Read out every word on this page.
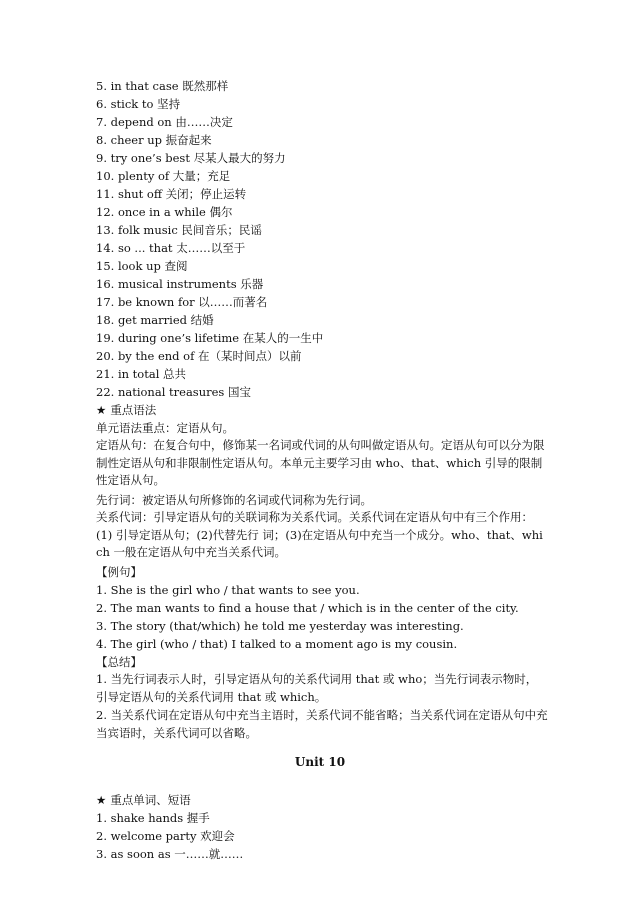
5. in that case 既然那样
6. stick to 坚持
7. depend on 由……决定
8. cheer up 振奋起来
9. try one’s best 尽某人最大的努力
10. plenty of 大量；充足
11. shut off 关闭；停止运转
12. once in a while 偶尔
13. folk music 民间音乐；民谣
14. so ... that 太……以至于
15. look up 查阅
16. musical instruments 乐器
17. be known for 以……而著名
18. get married 结婚
19. during one’s lifetime 在某人的一生中
20. by the end of 在（某时间点）以前
21. in total 总共
22. national treasures 国宝
★ 重点语法
单元语法重点：定语从句。
定语从句：在复合句中，修饰某一名词或代词的从句叫做定语从句。定语从句可以分为限制性定语从句和非限制性定语从句。本单元主要学习由 who、that、which 引导的限制性定语从句。
先行词：被定语从句所修饰的名词或代词称为先行词。
关系代词：引导定语从句的关联词称为关系代词。关系代词在定语从句中有三个作用：(1) 引导定语从句；(2)代替先行 词；(3)在定语从句中充当一个成分。who、that、which 一般在定语从句中充当关系代词。
【例句】
1. She is the girl who / that wants to see you.
2. The man wants to find a house that / which is in the center of the city.
3. The story (that/which) he told me yesterday was interesting.
4. The girl (who / that) I talked to a moment ago is my cousin.
【总结】
1. 当先行词表示人时，引导定语从句的关系代词用 that 或 who；当先行词表示物时，引导定语从句的关系代词用 that 或 which。
2. 当关系代词在定语从句中充当主语时，关系代词不能省略；当关系代词在定语从句中充当宾语时，关系代词可以省略。
Unit 10
★ 重点单词、短语
1. shake hands 握手
2. welcome party 欢迎会
3. as soon as 一……就……
